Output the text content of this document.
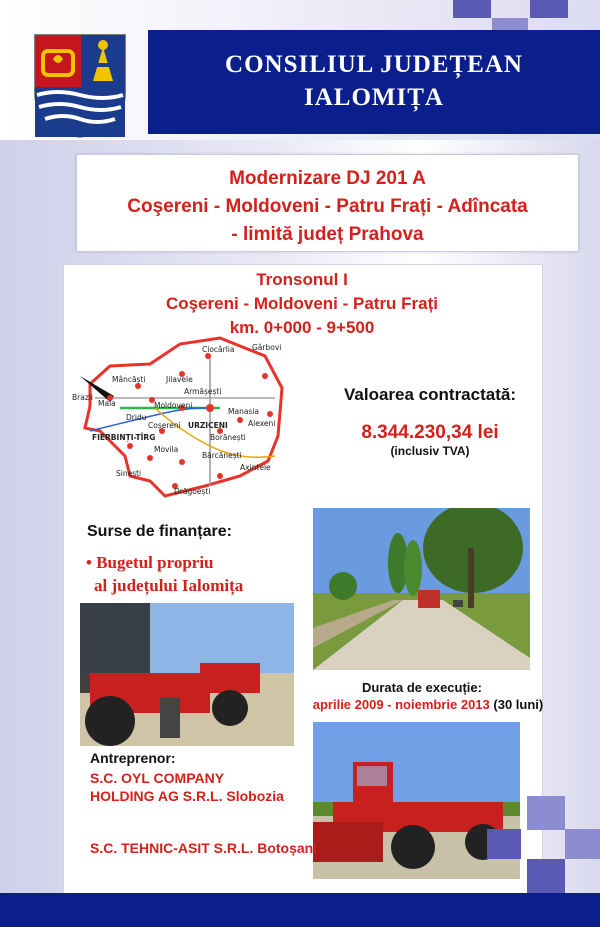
CONSILIUL JUDEȚEAN
IALOMIȚA
Modernizare DJ 201 A
Coşereni - Moldoveni - Patru Frați - Adîncata
- limită județ Prahova
Tronsonul I
Coşereni - Moldoveni - Patru Frați
km. 0+000 - 9+500
Ciocârlia Gârbovi
Mâncăști	Jilavele
Armășești
Brazii
Maia	Moldoveni
Manasia
Alexeni
Dridu
Coșereni URZICENI
FIERBINȚI-TÎRG	Borănești
Movila
Bărcănești
Axintele
Sinești
Drăgoești
Valoarea contractată:
8.344.230,34 lei
(inclusiv TVA)
Surse de finanțare:
• Bugetul propriu
al județului Ialomița
Durata de execuție:
aprilie 2009 - noiembrie 2013 (30 luni)
Antreprenor:
S.C. OYL COMPANY
HOLDING AG S.R.L. Slobozia
S.C. TEHNIC-ASIT S.R.L. Botoșani
